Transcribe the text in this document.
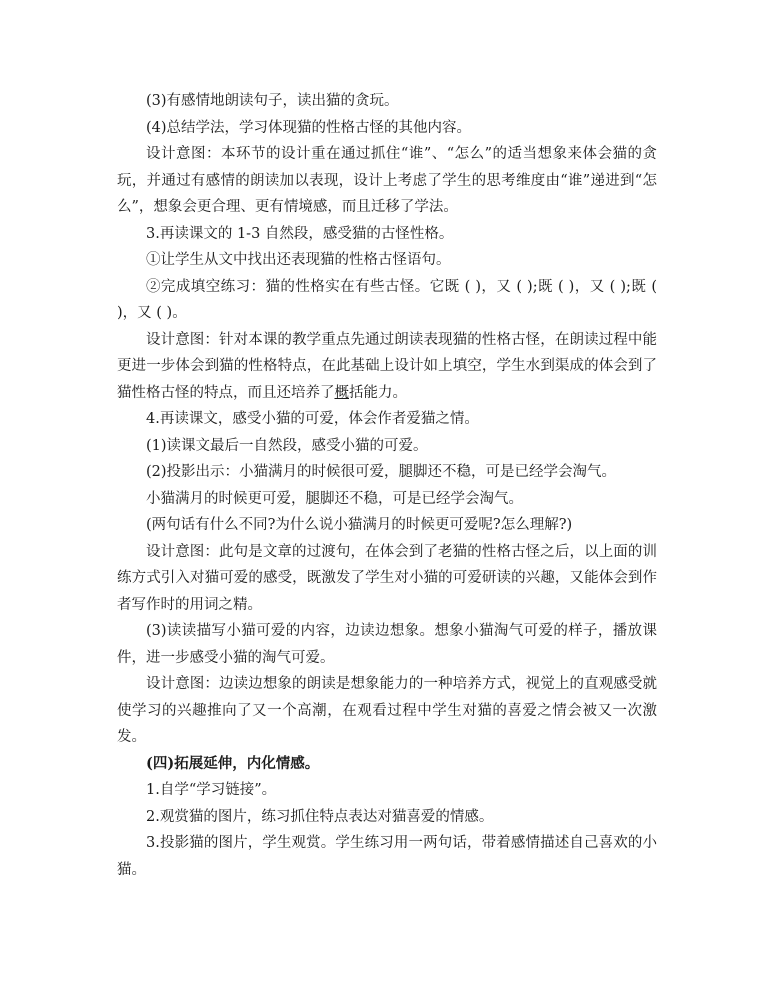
(3)有感情地朗读句子，读出猫的贪玩。

(4)总结学法，学习体现猫的性格古怪的其他内容。

设计意图：本环节的设计重在通过抓住“谁”、“怎么”的适当想象来体会猫的贪玩，并通过有感情的朗读加以表现，设计上考虑了学生的思考维度由“谁”递进到“怎么”，想象会更合理、更有情境感，而且迁移了学法。

3.再读课文的 1-3 自然段，感受猫的古怪性格。

①让学生从文中找出还表现猫的性格古怪语句。

②完成填空练习：猫的性格实在有些古怪。它既 ( )，又 ( );既 ( )，又 ( );既 ( )，又 ( )。

设计意图：针对本课的教学重点先通过朗读表现猫的性格古怪，在朗读过程中能更进一步体会到猫的性格特点，在此基础上设计如上填空，学生水到渠成的体会到了猫性格古怪的特点，而且还培养了概括能力。

4.再读课文，感受小猫的可爱，体会作者爱猫之情。

(1)读课文最后一自然段，感受小猫的可爱。

(2)投影出示：小猫满月的时候很可爱，腿脚还不稳，可是已经学会淘气。

小猫满月的时候更可爱，腿脚还不稳，可是已经学会淘气。

(两句话有什么不同?为什么说小猫满月的时候更可爱呢?怎么理解?)

设计意图：此句是文章的过渡句，在体会到了老猫的性格古怪之后，以上面的训练方式引入对猫可爱的感受，既激发了学生对小猫的可爱研读的兴趣，又能体会到作者写作时的用词之精。

(3)读读描写小猫可爱的内容，边读边想象。想象小猫淘气可爱的样子，播放课件，进一步感受小猫的淘气可爱。

设计意图：边读边想象的朗读是想象能力的一种培养方式，视觉上的直观感受就使学习的兴趣推向了又一个高潮，在观看过程中学生对猫的喜爱之情会被又一次激发。

(四)拓展延伸，内化情感。

1.自学“学习链接”。

2.观赏猫的图片，练习抓住特点表达对猫喜爱的情感。

3.投影猫的图片，学生观赏。学生练习用一两句话，带着感情描述自己喜欢的小猫。
